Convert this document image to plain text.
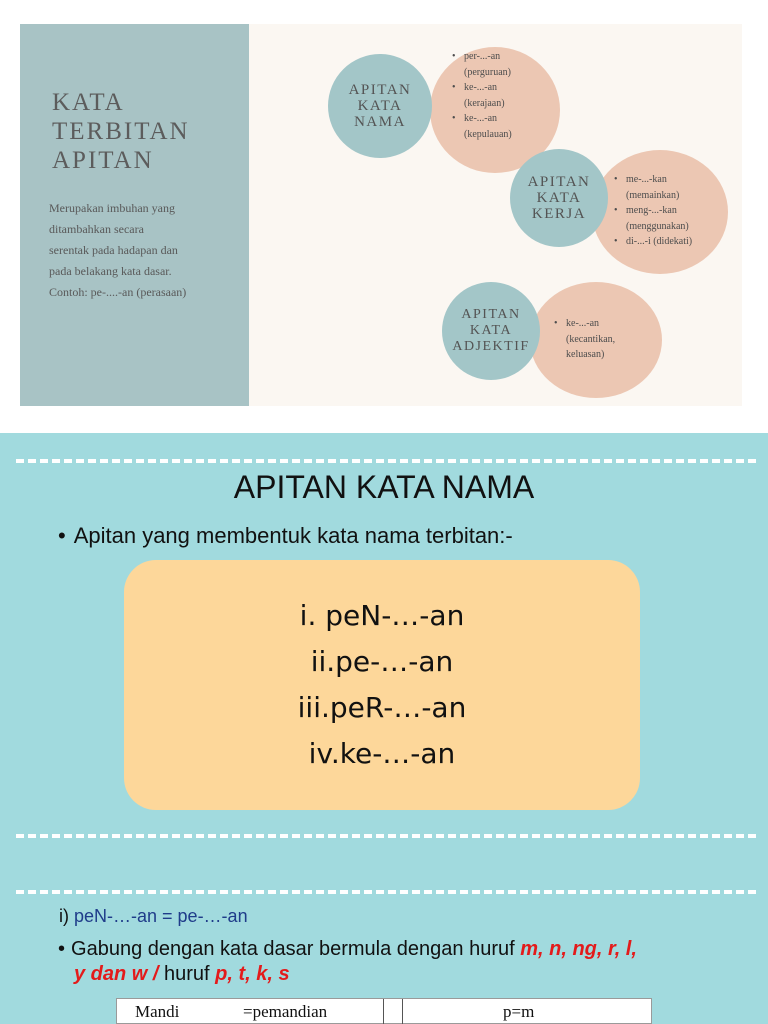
KATA
TERBITAN
APITAN
Merupakan imbuhan yang
ditambahkan secara
serentak pada hadapan dan
pada belakang kata dasar.
Contoh: pe-....-an (perasaan)
APITAN
KATA
NAMA
• per-...-an
(perguruan)
• ke-...-an
(kerajaan)
• ke-...-an
(kepulauan)
APITAN
KATA
KERJA
• me-...-kan
(memainkan)
• meng-...-kan
(menggunakan)
• di-...-i (didekati)
APITAN
KATA
ADJEKTIF
• ke-...-an
(kecantikan,
keluasan)
APITAN KATA NAMA
• Apitan yang membentuk kata nama terbitan:-
i. peN-…-an
ii.pe-…-an
iii.peR-…-an
iv.ke-…-an
i) peN-…-an = pe-…-an
• Gabung dengan kata dasar bermula dengan huruf m, n, ng, r, l,
y dan w / huruf p, t, k, s
Mandi	=pemandian	p=m
